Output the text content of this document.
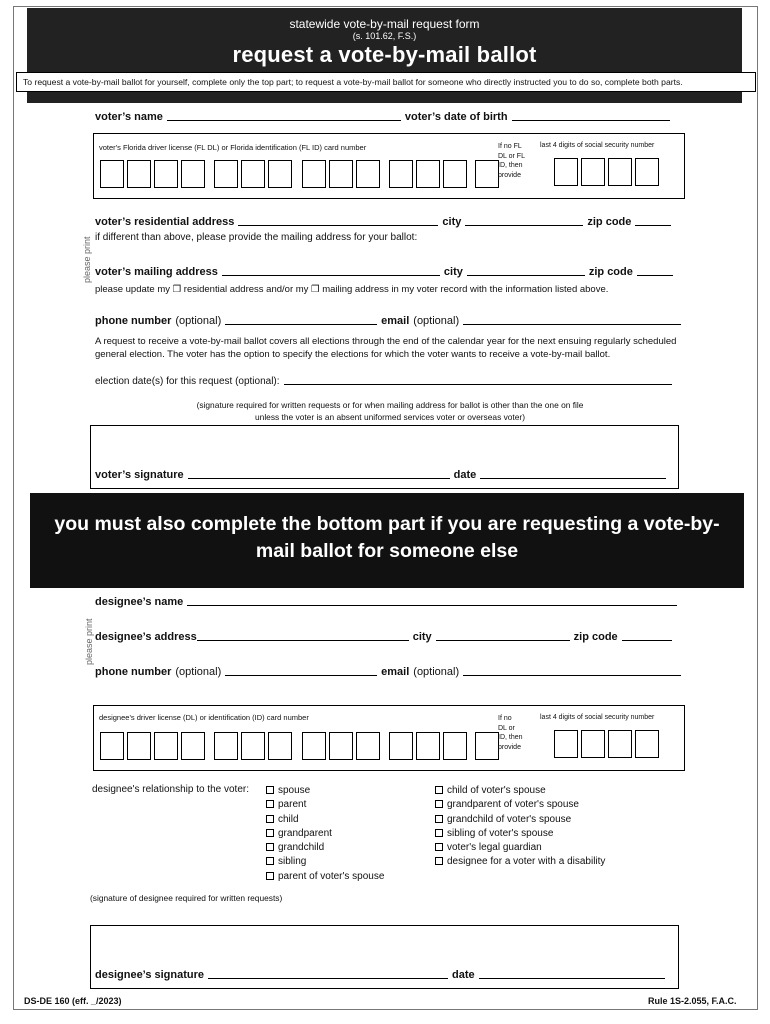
statewide vote-by-mail request form
(s. 101.62, F.S.)
request a vote-by-mail ballot
To request a vote-by-mail ballot for yourself, complete only the top part; to request a vote-by-mail ballot for someone who directly instructed you to do so, complete both parts.
voter’s name	voter’s date of birth
voter's Florida driver license (FL DL) or Florida identification (FL ID) card number	If no FL
DL or FL
ID, then
provide
last 4 digits of social security number
please print
voter’s residential address	city	zip code
if different than above, please provide the mailing address for your ballot:
voter’s mailing address	city	zip code
please update my ❒ residential address and/or my ❒ mailing address in my voter record with the information listed above.
phone number (optional)	email (optional)
A request to receive a vote-by-mail ballot covers all elections through the end of the calendar year for the next ensuing regularly scheduled general election. The voter has the option to specify the elections for which the voter wants to receive a vote-by-mail ballot.
election date(s) for this request (optional):
(signature required for written requests or for when mailing address for ballot is other than the one on file
unless the voter is an absent uniformed services voter or overseas voter)
voter’s signature	date
you must also complete the bottom part if you are requesting a vote-by-
mail ballot for someone else
designee’s name
please print designee’s address	city	zip code
phone number (optional)	email (optional)
designee's driver license (DL) or identification (ID) card number	If no
DL or
ID, then
provide
last 4 digits of social security number
designee's relationship to the voter:	spouse
parent
child
grandparent
grandchild
sibling
parent of voter's spouse
child of voter's spouse
grandparent of voter's spouse
grandchild of voter's spouse
sibling of voter's spouse
voter's legal guardian
designee for a voter with a disability
(signature of designee required for written requests)
designee’s signature	date
DS-DE 160 (eff. _/2023)	Rule 1S-2.055, F.A.C.
